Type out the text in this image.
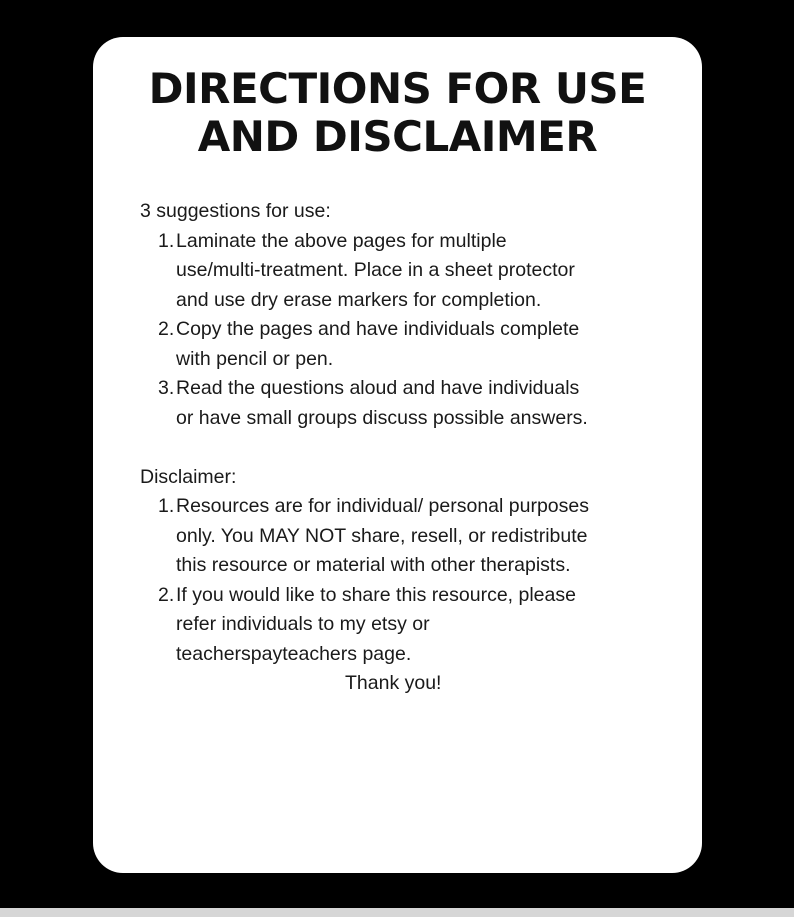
DIRECTIONS FOR USE
AND DISCLAIMER

3 suggestions for use:

1. Laminate the above pages for multiple
use/multi-treatment. Place in a sheet protector
and use dry erase markers for completion.
2. Copy the pages and have individuals complete
with pencil or pen.
3. Read the questions aloud and have individuals
or have small groups discuss possible answers.

Disclaimer:

1. Resources are for individual/ personal purposes
only. You MAY NOT share, resell, or redistribute
this resource or material with other therapists.
2. If you would like to share this resource, please
refer individuals to my etsy or
teacherspayteachers page.
Thank you!
